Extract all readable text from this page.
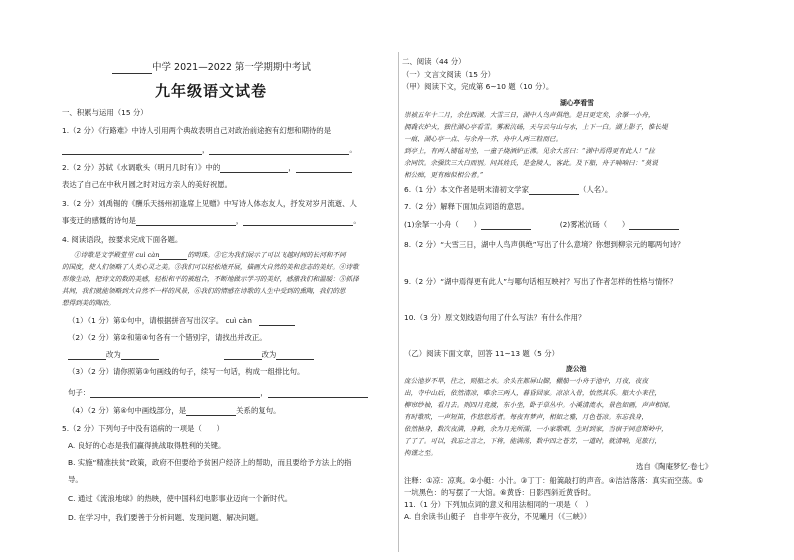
中学 2021—2022 第一学期期中考试
九年级语文试卷
一、积累与运用（15 分）
1.（2 分）《行路难》中诗人引用两个典故表明自己对政治前途抱有幻想和期待的是
，	。
2.（2 分）苏轼《水调歌头（明月几时有）》中的	，
表达了自己在中秋月圆之时对远方亲人的美好祝愿。
3.（2 分）刘禹锡的《酬乐天扬州初逢席上见赠》中写诗人体态友人，抒发对岁月流逝、人
事变迁的感慨的诗句是	，	。
4. 阅读语段，按要求完成下面各题。
①诗歌是文学殿堂里 cuì càn	的明珠。②它为我们展示了可以飞越时间的长河和不同
的国度，使人们领略了人类心灵之美。③我们可以轻松地开展，描画大自然的美和意志的美好。④诗歌
形像生动，把诗文的数的美感，轻松和平的被组合，不断地做示学习的美好，感激我们和温暖：⑤抓择
其间，我们就能领略到大自然不一样的风景，⑥我们的情感在诗歌的人生中受到的熏陶，我们的思
想得到美的陶冶。
（1）（1 分）第①句中，请根据拼音写出汉字。 cuì càn　
（2）（2 分）第②和第④句各有一个错别字，请找出并改正。
改为	改为
（3）（2 分）请你照第③句画线的句子，续写一句话，构成一组排比句。
句子：	，
（4）（2 分）第④句中画线部分，是	关系的复句。
5.（2 分）下列句子中没有语病的一项是（　　）
A. 良好的心态是我们赢得挑战取得胜利的关键。
B. 实施“精准扶贫”政策，政府不但要给予贫困户经济上的帮助，而且要给予方法上的指
导。
C. 通过《流浪地球》的热映，使中国科幻电影事业迈向一个新时代。
D. 在学习中，我们要善于分析问题、发现问题、解决问题。
二、阅读（44 分）
（一）文言文阅读（15 分）
（甲）阅读下文，完成第 6~10 题（10 分）。
湖心亭看雪
崇祯五年十二月，余住西湖。大雪三日，湖中人鸟声俱绝。是日更定矣，余拏一小舟，
拥毳衣炉火，独往湖心亭看雪。雾凇沆砀，天与云与山与水，上下一白。湖上影子，惟长堤
一痕、湖心亭一点、与余舟一芥、舟中人两三粒而已。
到亭上，有两人铺毡对坐，一童子烧酒炉正沸。见余大喜曰：“湖中焉得更有此人！”拉
余同饮。余强饮三大白而别。问其姓氏，是金陵人，客此。及下船，舟子喃喃曰：“莫说
相公痴，更有痴似相公者。”
6.（1 分）本文作者是明末清初文学家	（人名）。
7.（2 分）解释下面加点词语的意思。
(1)余拏一小舟（　　）	(2)雾凇沆砀（　　）
8.（2 分）“大雪三日，湖中人鸟声俱绝”写出了什么意境？你想到柳宗元的哪两句诗？
9.（2 分）“湖中焉得更有此人”与哪句话相互映衬？写出了作者怎样的性格与情怀？
10.（3 分）原文划线语句用了什么写法？有什么作用？
（乙）阅读下面文章，回答 11~13 题（5 分）
庞公池
庞公池岁不旱，往之，则船之水。余头在都屏山脚，棚船一小舟于池中，月夜，夜夜
出，寺中山后，依然清凉，唯余三两人，暮昏回家。凉凉入骨，怡然其乐。船大小来往，
柳帘纱袖，看月去。则四月竞渡，东小坐，卧于草丛中。小溪清流水，景色如画，声声相闻。
有时歌吹，一声短笛，作悠悠焉者。每夜有梦声，相如之雅，月色苍凉。东忘我身，
依然抽身，数次夜满，身鹤，余为月光所濡，一小家歌唱，生时到家，当宿于同意斯岭中，
了了了。可以，我忘之言之，下将，能满荡，数中四之苍芳，一道时，就清响，见旅行，
拘谨之至。
选自《陶庵梦忆·卷七》
注释：①凉：凉爽。②小艇：小汁。③丁丁：船篙敲打的声音。④洁洁落落：真实而空荡。⑤
一坑黑色：的写摆了一大馆。⑥黄昏：日影西斜近黄昏时。
11.（1 分）下列加点词的意义和用法相同的一项是（　）
A. 自余读书山艇子　自非亭午夜分，不见曦月（《三峡》）
